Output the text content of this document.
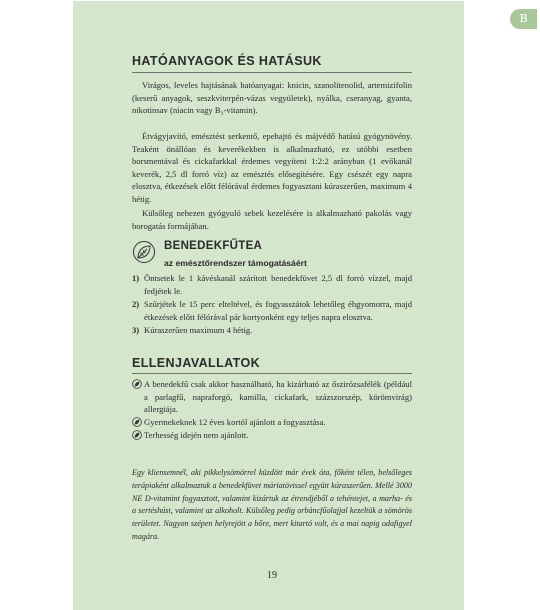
B
HATÓANYAGOK ÉS HATÁSUK

Virágos, leveles hajtásának hatóanyagai: knicin, szanolitenolid, artemizifolin (keserű anyagok, seszkviterpén-vázas vegyületek), nyálka, cseranyag, gyanta, nikotinsav (niacin vagy B₃-vitamin).

Étvágyjavító, emésztést serkentő, epehajtó és májvédő hatású gyógynövény. Teaként önállóan és keverékekben is alkalmazható, ez utóbbi esetben borsmentával és cickafarkkal érdemes vegyíteni 1:2:2 arányban (1 evőkanál keverék, 2,5 dl forró víz) az emésztés elősegítésére. Egy csészét egy napra elosztva, étkezések előtt félórával érdemes fogyasztani kúraszerűen, maximum 4 hétig.

Külsőleg nehezen gyógyuló sebek kezelésére is alkalmazható pakolás vagy borogatás formájában.

BENEDEKFŰTEA
az emésztőrendszer támogatásáért
1) Öntsetek le 1 kávéskanál szárított benedekfüvet 2,5 dl forró vízzel, majd fedjétek le.
2) Szűrjétek le 15 perc elteltével, és fogyasszátok lehetőleg éhgyomorra, majd étkezések előtt félórával pár kortyonként egy teljes napra elosztva.
3) Kúraszerűen maximum 4 hétig.
ELLENJAVALLATOK
A benedekfű csak akkor használható, ha kizárható az őszirózsafélék (például a parlagfű, napraforgó, kamilla, cickafark, százszorszép, körömvirág) allergiája.
Gyermekeknek 12 éves kortól ajánlott a fogyasztása.
Terhesség idején nem ajánlott.

Egy kliensemnél, aki pikkelysömörrel küzdött már évek óta, főként télen, belsőleges terápiaként alkalmaztuk a benedekfüvet máriatövissel együtt kúraszerűen. Mellé 3000 NE D-vitamint fogyasztott, valamint kizártuk az étrendjéből a tehéntejet, a marha- és a sertéshúst, valamint az alkoholt. Külsőleg pedig orbáncfűolajjal kezeltük a sömörös területet. Nagyon szépen helyrejött a bőre, mert kitartó volt, és a mai napig odafigyel magára.

19
